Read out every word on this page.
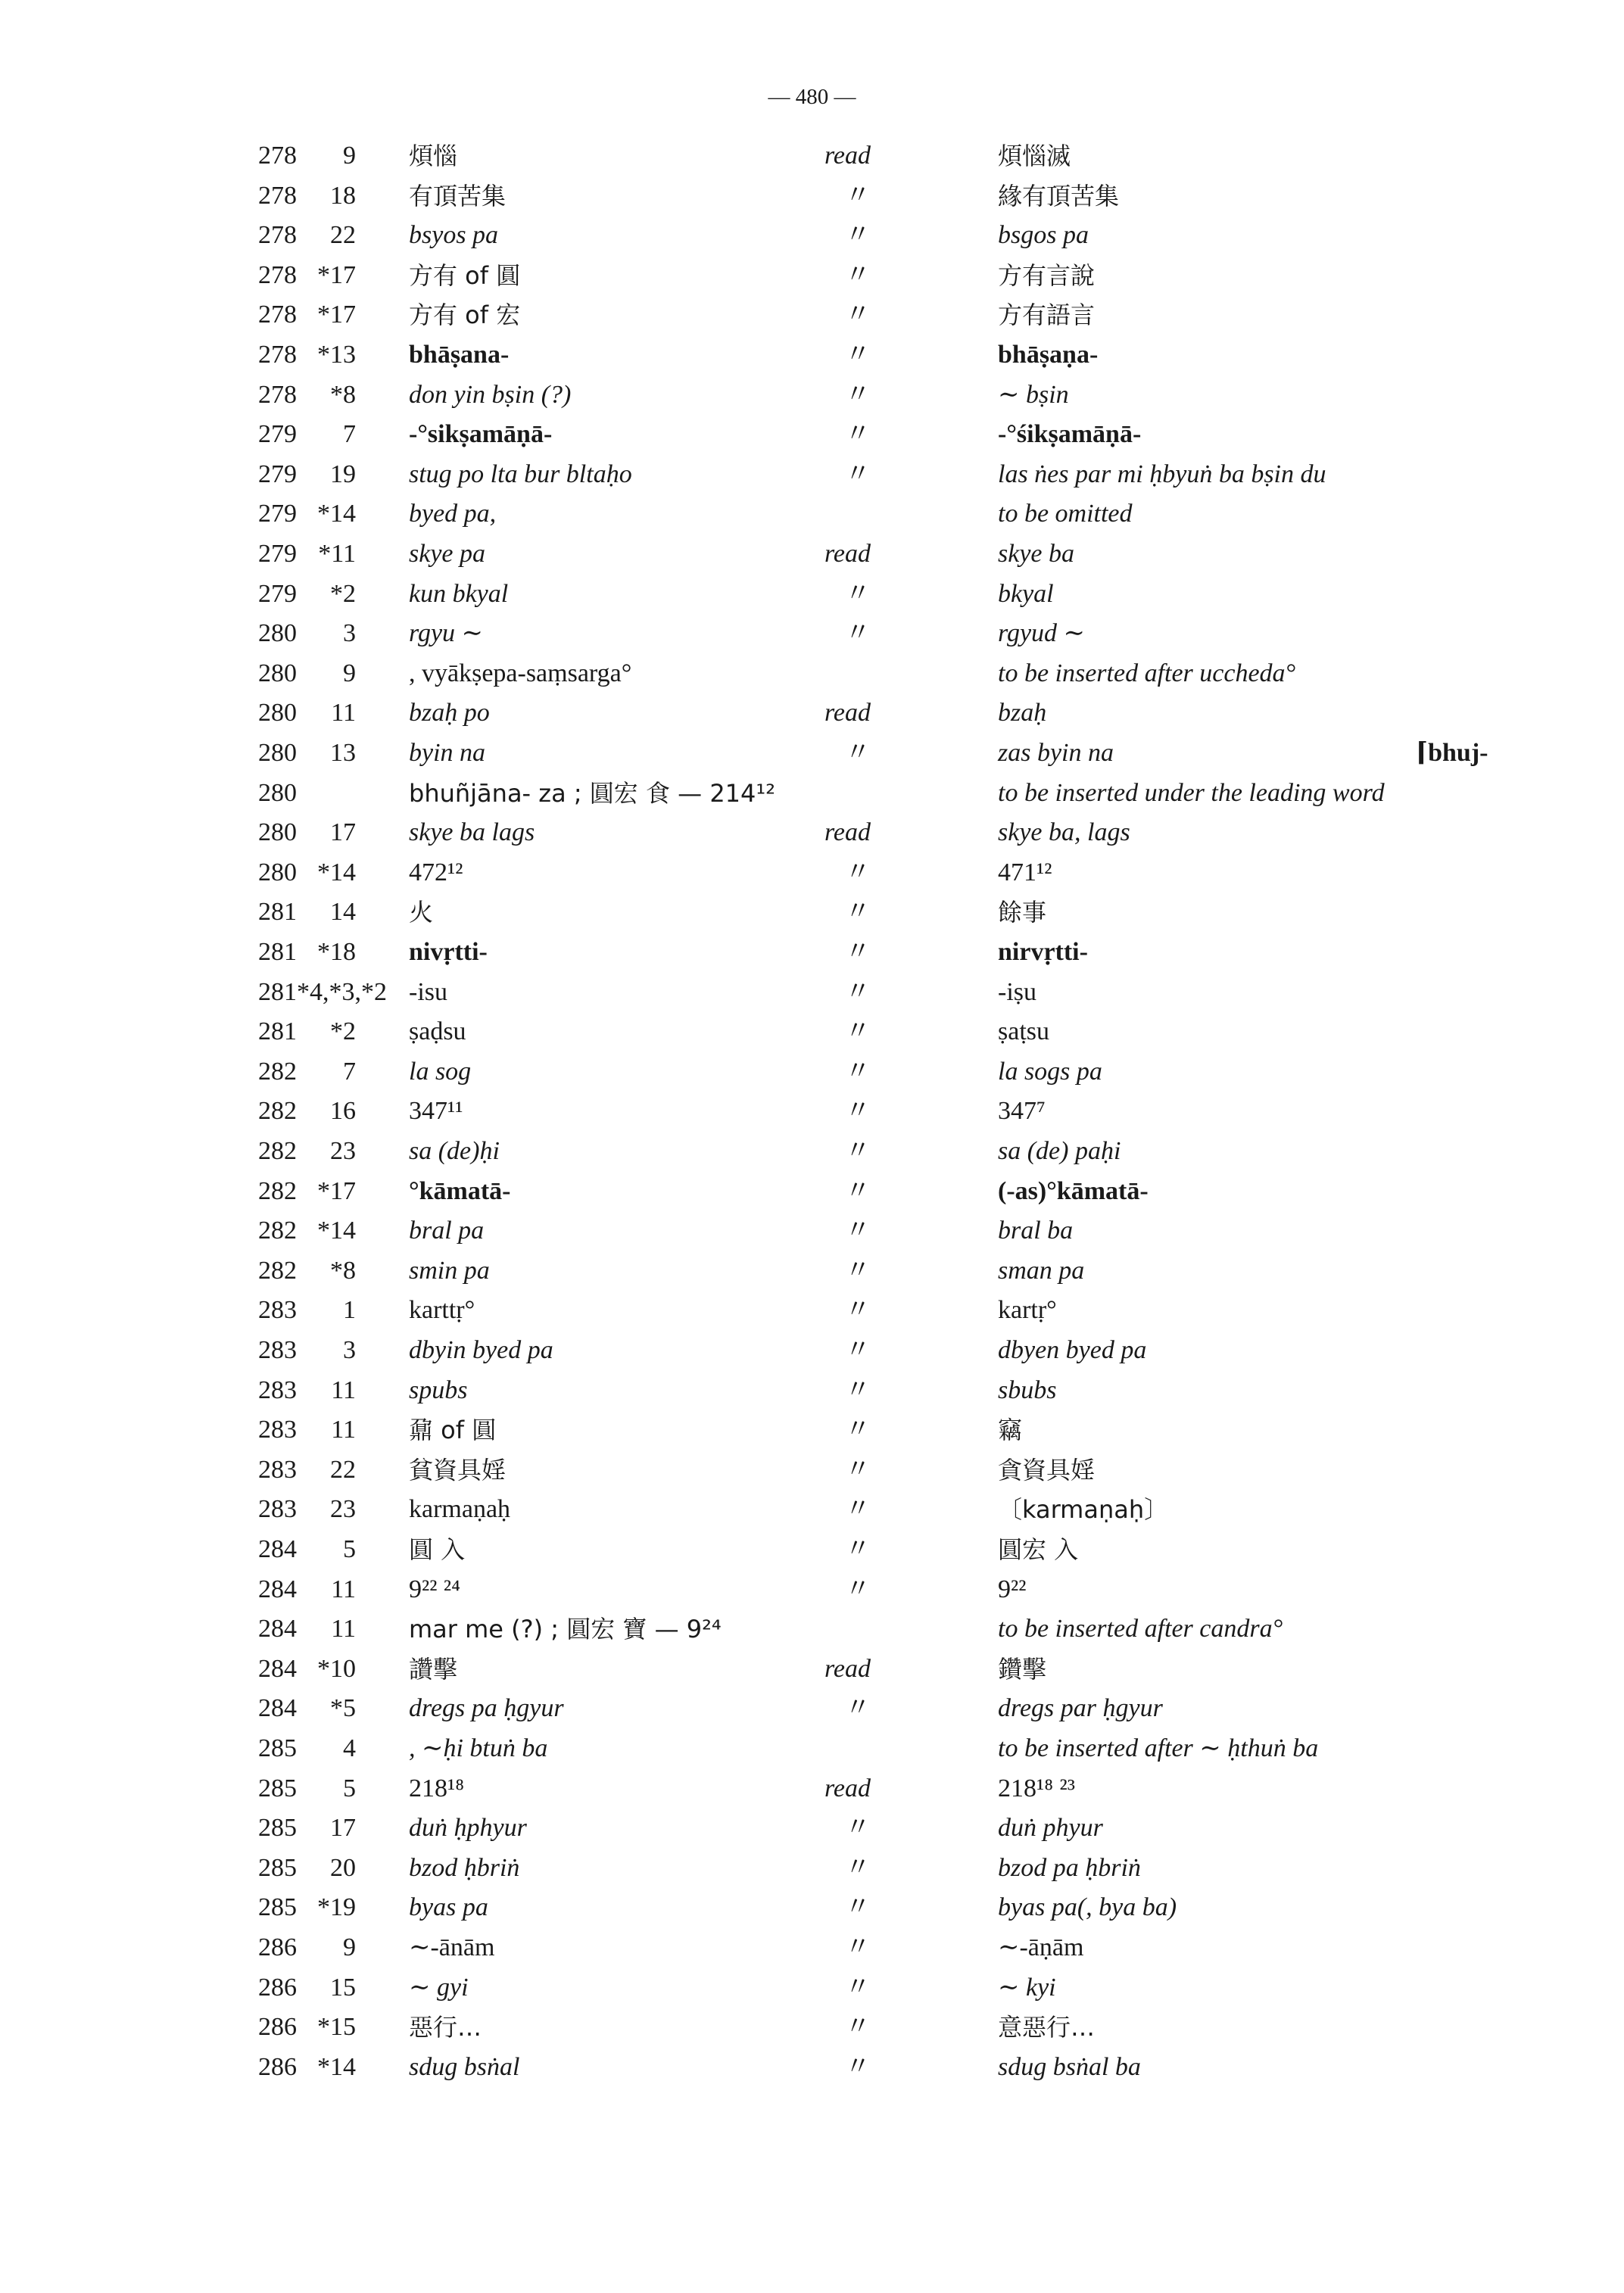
— 480 —
278	9 煩惱	read	煩惱滅
278	18 有頂苦集	〃	緣有頂苦集
278	22 bsyos pa	〃	bsgos pa
278 *17 方有 of 圓	〃	方有言說
278 *17 方有 of 宏	〃	方有語言
278 *13 bhāṣana-	〃	bhāṣaṇa-
278	*8 don yin bṣin (?)	〃	∼ bṣin
279	7 -°sikṣamāṇā-	〃	-°śikṣamāṇā-
279	19 stug po lta bur bltaḥo	〃	las ṅes par mi ḥbyuṅ ba bṣin du
279 *14 byed pa,	to be omitted
279 *11 skye pa	read	skye ba
279	*2 kun bkyal	〃	bkyal
280	3 rgyu ∼	〃	rgyud ∼
280	9 , vyākṣepa-saṃsarga°	to be inserted after uccheda°
280	11 bzaḥ po	read	bzaḥ
280	13 byin na	〃	zas byin na	⌈bhuj-
280	bhuñjāna- za ; 圓宏 食 — 214¹²	to be inserted under the leading word
280	17 skye ba lags	read	skye ba, lags
280 *14 472¹²	〃	471¹²
281	14 火	〃	餘事
281 *18 nivṛtti-	〃	nirvṛtti-
281 *4,*3,*2 -isu	〃	-iṣu
281	*2 ṣaḍsu	〃	ṣaṭsu
282	7 la sog	〃	la sogs pa
282	16 347¹¹	〃	347⁷
282	23 sa (de)ḥi	〃	sa (de) paḥi
282 *17 °kāmatā-	〃	(-as)°kāmatā-
282 *14 bral pa	〃	bral ba
282	*8 smin pa	〃	sman pa
283	1 karttṛ°	〃	kartṛ°
283	3 dbyin byed pa	〃	dbyen byed pa
283	11 spubs	〃	sbubs
283	11 鼐 of 圓	〃	竊
283	22 貧資具婬	〃	貪資具婬
283	23 karmaṇaḥ	〃	〔karmaṇaḥ〕
284	5 圓 入	〃	圓宏 入
284	11 9²² ²⁴	〃	9²²
284	11 mar me (?) ; 圓宏 寶 — 9²⁴	to be inserted after candra°
284 *10 讚擊	read	鑽擊
284	*5 dregs pa ḥgyur	〃	dregs par ḥgyur
285	4 , ∼ḥi btuṅ ba	to be inserted after ∼ ḥthuṅ ba
285	5 218¹⁸	read	218¹⁸ ²³
285	17 duṅ ḥphyur	〃	duṅ phyur
285	20 bzod ḥbriṅ	〃	bzod pa ḥbriṅ
285 *19 byas pa	〃	byas pa(, bya ba)
286	9 ∼-ānām	〃	∼-āṇām
286	15 ∼ gyi	〃	∼ kyi
286 *15 惡行…	〃	意惡行…
286 *14 sdug bsṅal	〃	sdug bsṅal ba
